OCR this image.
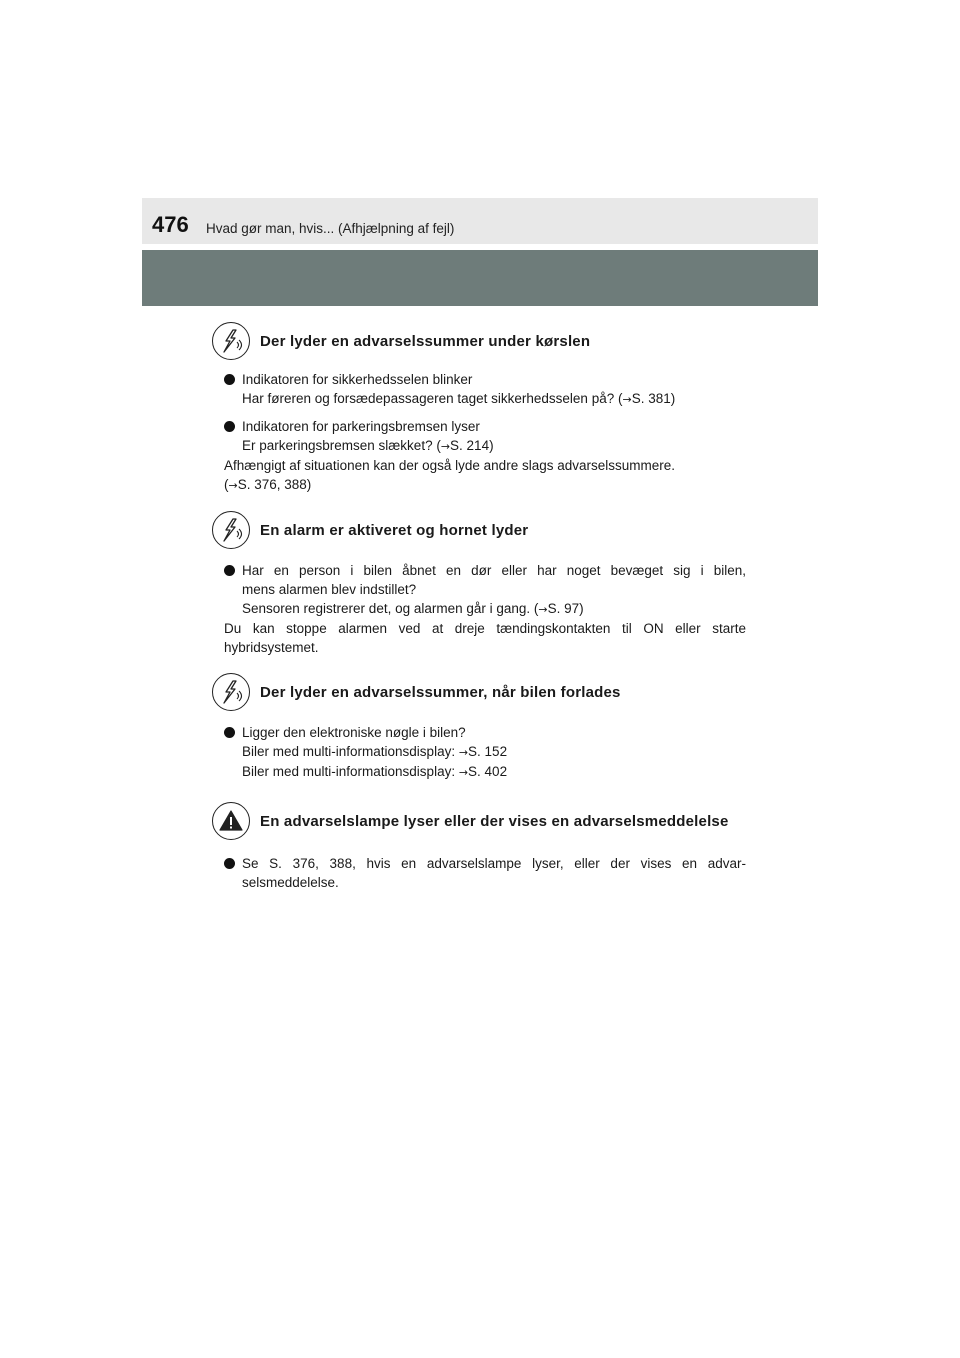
476 Hvad gør man, hvis... (Afhjælpning af fejl)
Der lyder en advarselssummer under kørslen
Indikatoren for sikkerhedsselen blinker
Har føreren og forsædepassageren taget sikkerhedsselen på? (→S. 381)
Indikatoren for parkeringsbremsen lyser
Er parkeringsbremsen slækket? (→S. 214)
Afhængigt af situationen kan der også lyde andre slags advarselssummere.
(→S. 376, 388)
En alarm er aktiveret og hornet lyder
Har en person i bilen åbnet en dør eller har noget bevæget sig i bilen,
mens alarmen blev indstillet?
Sensoren registrerer det, og alarmen går i gang. (→S. 97)
Du kan stoppe alarmen ved at dreje tændingskontakten til ON eller starte
hybridsystemet.
Der lyder en advarselssummer, når bilen forlades
Ligger den elektroniske nøgle i bilen?
Biler med multi-informationsdisplay: →S. 152
Biler med multi-informationsdisplay: →S. 402
En advarselslampe lyser eller der vises en advarselsmeddelelse
Se S. 376, 388, hvis en advarselslampe lyser, eller der vises en advar-
selsmeddelelse.
